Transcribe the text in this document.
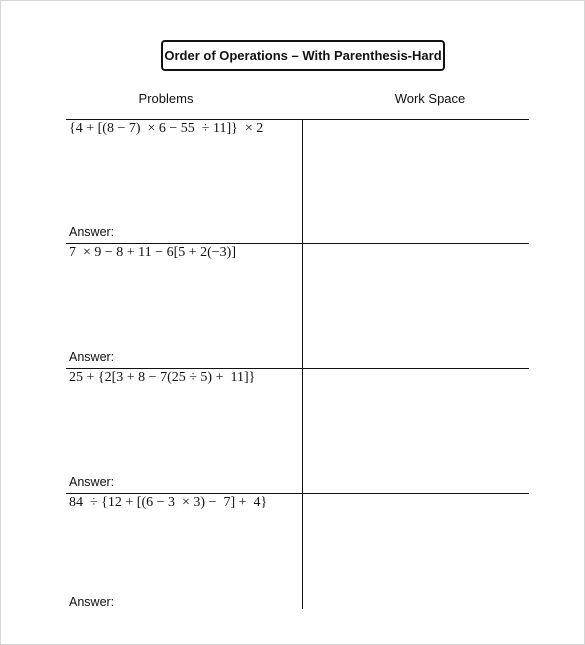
Order of Operations – With Parenthesis-Hard
Problems	Work Space
{4 + [(8 − 7)  × 6 − 55  ÷ 11]}  × 2
Answer:
7  × 9 − 8 + 11 − 6[5 + 2(−3)]
Answer:
25 + {2[3 + 8 − 7(25 ÷ 5) +  11]}
Answer:
84  ÷ {12 + [(6 − 3  × 3) −  7] +  4}
Answer:
